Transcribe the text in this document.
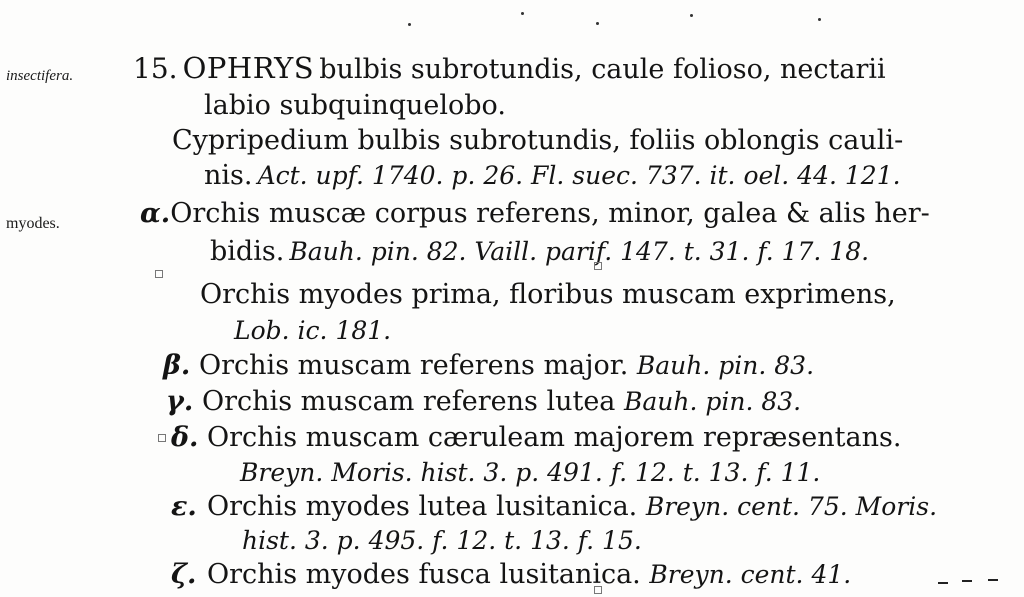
insectifera.
myodes.
15. OPHRYS bulbis subrotundis, caule folioso, nectarii
labio subquinquelobo.
Cypripedium bulbis subrotundis, foliis oblongis cauli-
nis. Act. upf. 1740. p. 26. Fl. suec. 737. it. oel. 44. 121.
α.Orchis muscæ corpus referens, minor, galea & alis her-
bidis. Bauh. pin. 82. Vaill. parif. 147. t. 31. f. 17. 18.
Orchis myodes prima, floribus muscam exprimens,
Lob. ic. 181.
β. Orchis muscam referens major. Bauh. pin. 83.
γ. Orchis muscam referens lutea Bauh. pin. 83.
δ. Orchis muscam cæruleam majorem repræsentans.
Breyn. Moris. hist. 3. p. 491. f. 12. t. 13. f. 11.
ε. Orchis myodes lutea lusitanica. Breyn. cent. 75. Moris.
hist. 3. p. 495. f. 12. t. 13. f. 15.
ζ. Orchis myodes fusca lusitanica. Breyn. cent. 41.
